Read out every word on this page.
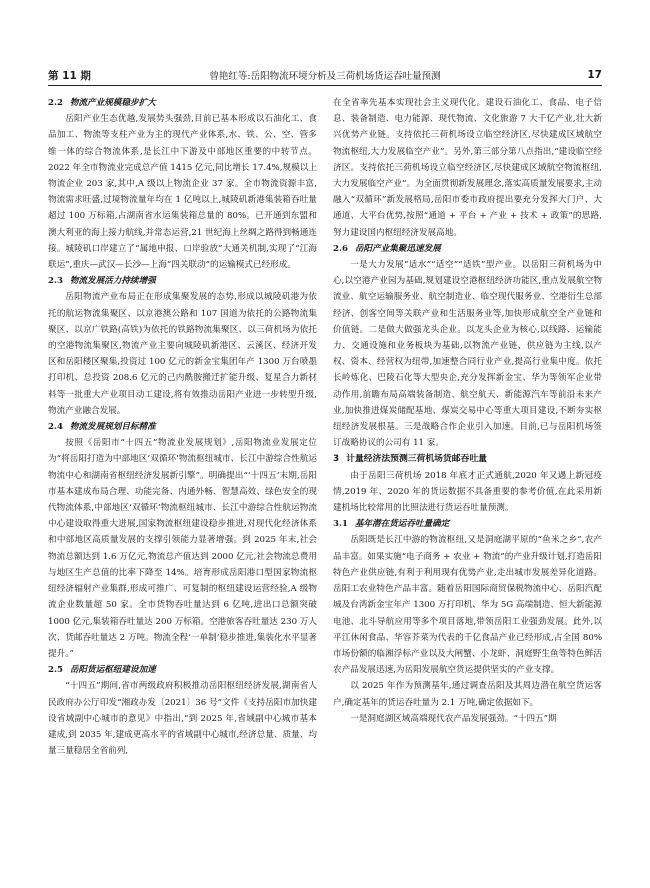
第 11 期	曾艳红等:岳阳物流环境分析及三荷机场货运吞吐量预测	17
2.2 物流产业规模稳步扩大

岳阳产业生态优越,发展势头强劲,目前已基本形成以石油化工、食品加工、物流等支柱产业为主的现代产业体系,水、铁、公、空、管多维一体的综合物流体系,是长江中下游及中部地区重要的中转节点。2022 年全市物流业完成总产值 1415 亿元,同比增长 17.4%,规模以上物流企业 203 家,其中,A 级以上物流企业 37 家。全市物流资源丰富,物流需求旺盛,过境物流量年均在 1 亿吨以上,城陵矶新港集装箱吞吐量超过 100 万标箱,占湖南省水运集装箱总量的 80%。已开通到东盟和澳大利亚的海上接力航线,并常态运营,21 世纪海上丝绸之路得到畅通连接。城陵矶口岸建立了“属地申报、口岸验放”大通关机制,实现了“江海联运”,重庆—武汉—长沙—上海“四关联动”的运输模式已经形成。

2.3 物流发展活力持续增强

岳阳物流产业布局正在形成集聚发展的态势,形成以城陵矶港为依托的航运物流集聚区、以京港澳公路和 107 国道为依托的公路物流集聚区、以京广铁路(高铁)为依托的铁路物流集聚区、以三荷机场为依托的空港物流集聚区,物流产业主要向城陵矶新港区、云溪区、经济开发区和岳阳楼区聚集,投资过 100 亿元的新金宝集团年产 1300 万台喷墨打印机、总投资 208.6 亿元的己内酰胺搬迁扩能升级、复星合力新材料等一批重大产业项目动工建设,将有效推动岳阳产业进一步转型升级,物流产业融合发展。

2.4 物流发展规划目标精准

按照《岳阳市“十四五”物流业发展规划》,岳阳物流业发展定位为“将岳阳打造为中部地区‘双循环’物流枢纽城市、长江中游综合性航运物流中心和湖南省枢纽经济发展新引擎”。明确提出“‘十四五’末期,岳阳市基本建成布局合理、功能完备、内通外畅、智慧高效、绿色安全的现代物流体系,中部地区‘双循环’物流枢纽城市、长江中游综合性航运物流中心建设取得重大进展,国家物流枢纽建设稳步推进,对现代化经济体系和中部地区高质量发展的支撑引领能力显著增强。到 2025 年末,社会物流总额达到 1.6 万亿元,物流总产值达到 2000 亿元,社会物流总费用与地区生产总值的比率下降至 14%。培育形成岳阳港口型国家物流枢纽经济辐射产业集群,形成可推广、可复制的枢纽建设运营经验,A 级物流企业数量超 50 家。全市货物吞吐量达到 6 亿吨,进出口总额突破 1000 亿元,集装箱吞吐量达 200 万标箱。空港旅客吞吐量达 230 万人次、货邮吞吐量达 2 万吨。物流全程‘一单制’稳步推进,集装化水平显著提升。”

2.5 岳阳货运枢纽建设加速

“十四五”期间,省市两级政府积极推动岳阳枢纽经济发展,湖南省人民政府办公厅印发“湘政办发〔2021〕36 号”文件《支持岳阳市加快建设省域副中心城市的意见》中指出,“到 2025 年,省域副中心城市基本建成,到 2035 年,建成更高水平的省域副中心城市,经济总量、质量、均量三量稳居全省前列,

在全省率先基本实现社会主义现代化。建设石油化工、食品、电子信息、装备制造、电力能源、现代物流、文化旅游 7 大千亿产业,壮大新兴优势产业链。支持依托三荷机场设立临空经济区,尽快建成区域航空物流枢纽,大力发展临空产业”。另外,第三部分第八点指出,“建设临空经济区。支持依托三荷机场设立临空经济区,尽快建成区域航空物流枢纽,大力发展临空产业”。为全面贯彻新发展理念,落实高质量发展要求,主动融入“双循环”新发展格局,岳阳市委市政府提出要充分发挥大门户、大通道、大平台优势,按照“通道 + 平台 + 产业 + 技术 + 政策”的思路,努力建设国内枢纽经济发展高地。

2.6 岳阳产业集聚迅速发展

一是大力发展“适水”“适空”“适铁”型产业。以岳阳三荷机场为中心,以空港产业园为基础,规划建设空港枢纽经济功能区,重点发展航空物流业、航空运输服务业、航空制造业、临空现代服务业、空港衍生总部经济、创客空间等关联产业和生活服务业等,加快形成航空全产业链和价值链。二是做大做强龙头企业。以龙头企业为核心,以线路、运输能力、交通设施和业务板块为基础,以物流产业链、供应链为主线,以产权、资本、经营权为纽带,加速整合同行业产业,提高行业集中度。依托长岭炼化、巴陵石化等大型央企,充分发挥新金宝、华为等领军企业带动作用,前瞻布局高端装备制造、航空航天、新能源汽车等前沿未来产业,加快推进煤炭储配基地、煤炭交易中心等重大项目建设,不断夯实枢纽经济发展根基。三是战略合作企业引入加速。目前,已与岳阳机场签订战略协议的公司有 11 家。

3 计量经济法预测三荷机场货邮吞吐量

由于岳阳三荷机场 2018 年底才正式通航,2020 年又遇上新冠疫情,2019 年、2020 年的货运数据不具备重要的参考价值,在此采用新建机场比较常用的比照法进行货运吞吐量预测。

3.1 基年潜在货运吞吐量确定

岳阳既是长江中游的物流枢纽,又是洞庭湖平原的“鱼米之乡”,农产品丰富。如果实施“电子商务 + 农业 + 物流”的产业升级计划,打造岳阳特色产业供应链,有利于利用现有优势产业,走出城市发展差异化道路。岳阳工农业特色产品丰富。随着岳阳国际商贸保税物流中心、岳阳汽配城及台湾新金宝年产 1300 万打印机、华为 5G 高端制造、恒大新能源电池、北斗导航应用等多个项目落地,带领岳阳工业强劲发展。此外,以平江休闲食品、华容芥菜为代表的千亿食品产业已经形成,占全国 80% 市场份额的临湘浮标产业以及大闸蟹、小龙虾、洞庭野生鱼等特色鲜活农产品发展迅速,为岳阳发展航空货运提供坚实的产业支撑。

以 2025 年作为预测基年,通过调查岳阳及其周边潜在航空货运客户,确定基年的货运吞吐量为 2.1 万吨,确定依据如下。

一是洞庭湖区域高端现代农产品发展强劲。“十四五”期
